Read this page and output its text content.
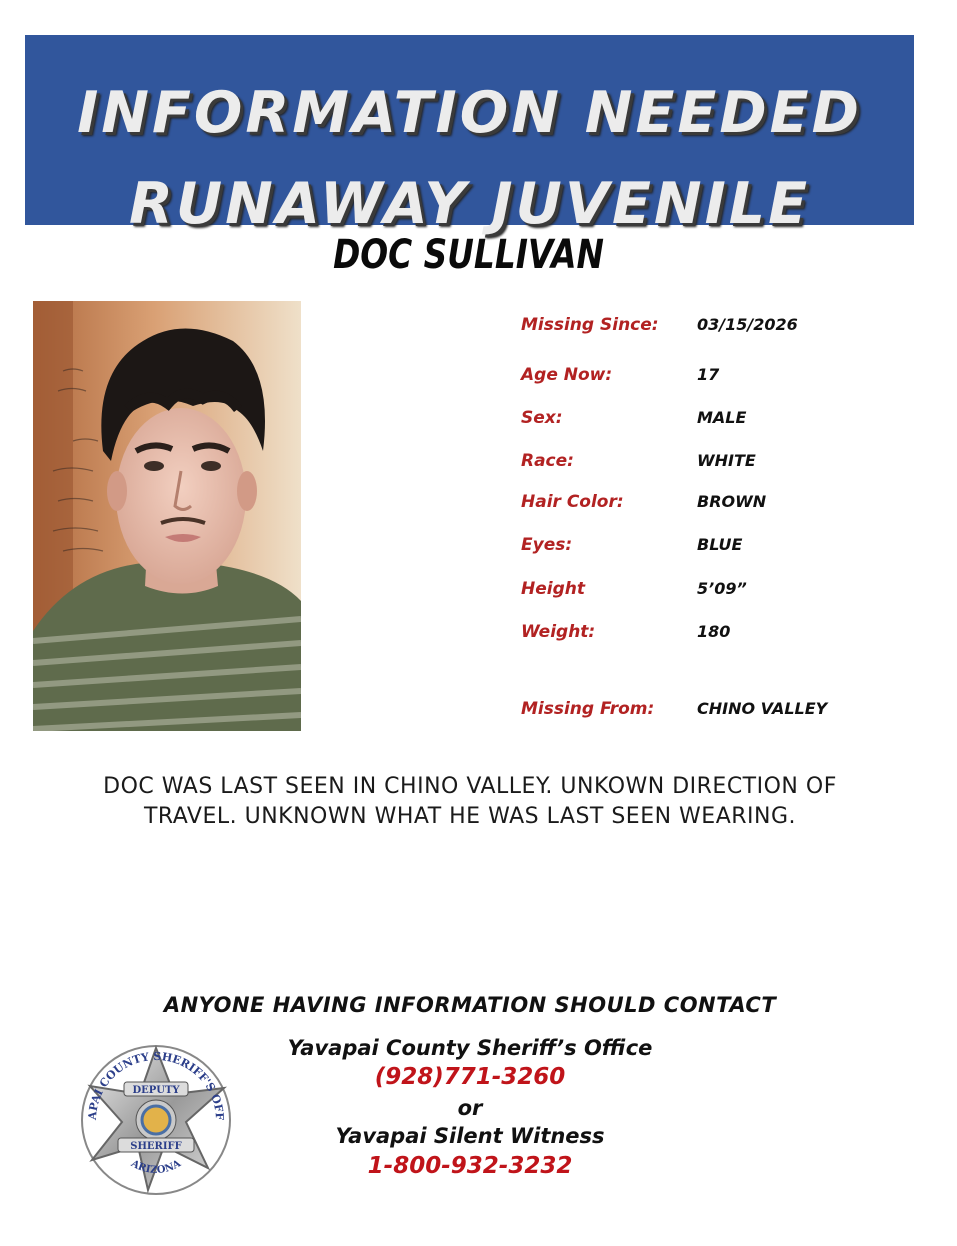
INFORMATION NEEDED
RUNAWAY JUVENILE
DOC SULLIVAN
Missing Since: 03/15/2026
Age Now:	17
Sex:	MALE
Race:	WHITE
Hair Color:	BROWN
Eyes:	BLUE
Height	5’09”
Weight:	180
Missing From:	CHINO VALLEY
DOC WAS LAST SEEN IN CHINO VALLEY. UNKOWN DIRECTION OF
TRAVEL. UNKNOWN WHAT HE WAS LAST SEEN WEARING.
ANYONE HAVING INFORMATION SHOULD CONTACT
Yavapai County Sheriff’s Office
(928)771-3260
or
Yavapai Silent Witness
1-800-932-3232
APAI COUNTY SHERIFF'S OFF
DEPUTY
SHERIFF
ARIZONA
